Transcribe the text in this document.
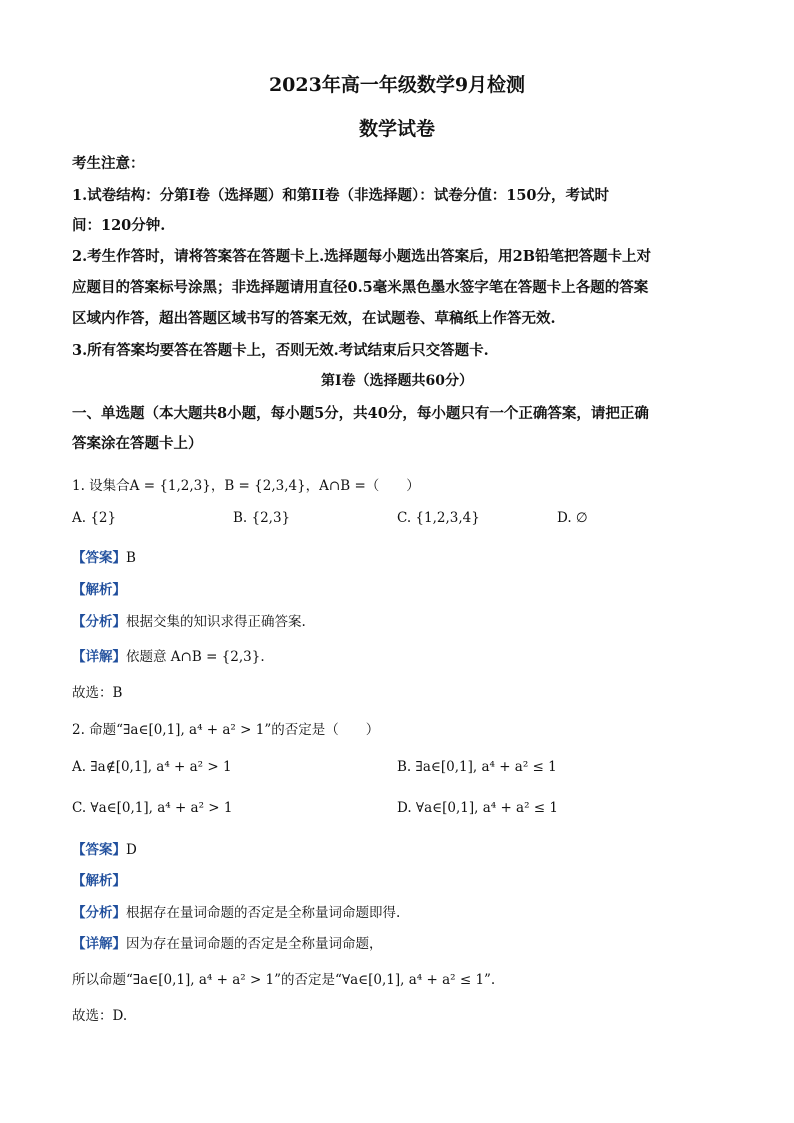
2023年高一年级数学9月检测
数学试卷
考生注意：
1.试卷结构：分第Ⅰ卷（选择题）和第ⅠⅠ卷（非选择题）：试卷分值：150分，考试时
间：120分钟.
2.考生作答时，请将答案答在答题卡上.选择题每小题选出答案后，用2B铅笔把答题卡上对
应题目的答案标号涂黑；非选择题请用直径0.5毫米黑色墨水签字笔在答题卡上各题的答案
区域内作答，超出答题区域书写的答案无效，在试题卷、草稿纸上作答无效.
3.所有答案均要答在答题卡上，否则无效.考试结束后只交答题卡.
第Ⅰ卷（选择题共60分）
一、单选题（本大题共8小题，每小题5分，共40分，每小题只有一个正确答案，请把正确
答案涂在答题卡上）
1. 设集合A = {1,2,3}，B = {2,3,4}，A∩B =（　　）
A. {2}	B. {2,3}	C. {1,2,3,4}	D. ∅
【答案】B
【解析】
【分析】根据交集的知识求得正确答案.
【详解】依题意 A∩B = {2,3}.
故选：B
2. 命题“∃a∈[0,1], a⁴ + a² > 1”的否定是（　　）
A. ∃a∉[0,1], a⁴ + a² > 1	B. ∃a∈[0,1], a⁴ + a² ≤ 1
C. ∀a∈[0,1], a⁴ + a² > 1	D. ∀a∈[0,1], a⁴ + a² ≤ 1
【答案】D
【解析】
【分析】根据存在量词命题的否定是全称量词命题即得.
【详解】因为存在量词命题的否定是全称量词命题，
所以命题“∃a∈[0,1], a⁴ + a² > 1”的否定是“∀a∈[0,1], a⁴ + a² ≤ 1”.
故选：D.
